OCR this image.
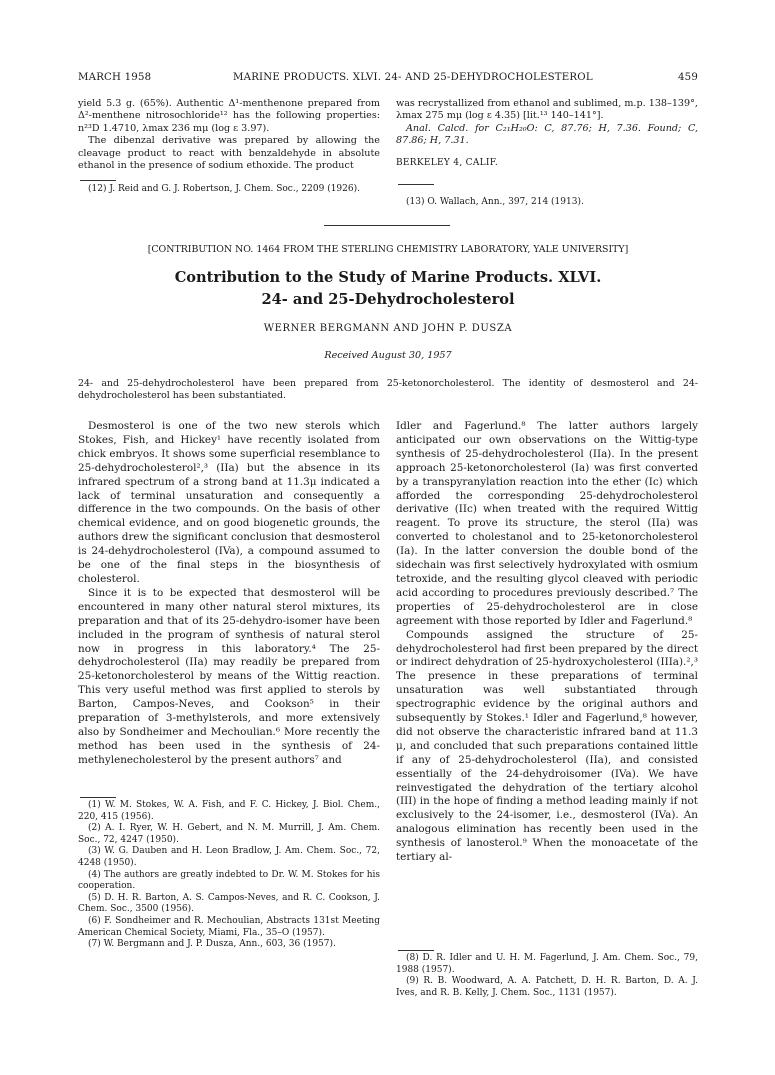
MARCH 1958	MARINE PRODUCTS. XLVI. 24- AND 25-DEHYDROCHOLESTEROL	459

yield 5.3 g. (65%). Authentic Δ¹-menthenone prepared from Δ²-menthene nitrosochloride¹² has the following properties: n²³D 1.4710, λmax 236 mμ (log ε 3.97).

The dibenzal derivative was prepared by allowing the cleavage product to react with benzaldehyde in absolute ethanol in the presence of sodium ethoxide. The product

(12) J. Reid and G. J. Robertson, J. Chem. Soc., 2209 (1926).

was recrystallized from ethanol and sublimed, m.p. 138–139°, λmax 275 mμ (log ε 4.35) [lit.¹³ 140–141°].

Anal. Calcd. for C₂₁H₂₀O: C, 87.76; H, 7.36. Found; C, 87.86; H, 7.31.

BERKELEY 4, CALIF.

(13) O. Wallach, Ann., 397, 214 (1913).

[CONTRIBUTION NO. 1464 FROM THE STERLING CHEMISTRY LABORATORY, YALE UNIVERSITY]
Contribution to the Study of Marine Products. XLVI.
24- and 25-Dehydrocholesterol
WERNER BERGMANN AND JOHN P. DUSZA
Received August 30, 1957
24- and 25-dehydrocholesterol have been prepared from 25-ketonorcholesterol. The identity of desmosterol and 24-dehydrocholesterol has been substantiated.

Desmosterol is one of the two new sterols which Stokes, Fish, and Hickey¹ have recently isolated from chick embryos. It shows some superficial resemblance to 25-dehydrocholesterol²,³ (IIa) but the absence in its infrared spectrum of a strong band at 11.3μ indicated a lack of terminal unsaturation and consequently a difference in the two compounds. On the basis of other chemical evidence, and on good biogenetic grounds, the authors drew the significant conclusion that desmosterol is 24-dehydrocholesterol (IVa), a compound assumed to be one of the final steps in the biosynthesis of cholesterol.

Since it is to be expected that desmosterol will be encountered in many other natural sterol mixtures, its preparation and that of its 25-dehydro-isomer have been included in the program of synthesis of natural sterol now in progress in this laboratory.⁴ The 25-dehydrocholesterol (IIa) may readily be prepared from 25-ketonorcholesterol by means of the Wittig reaction. This very useful method was first applied to sterols by Barton, Campos-Neves, and Cookson⁵ in their preparation of 3-methylsterols, and more extensively also by Sondheimer and Mechoulian.⁶ More recently the method has been used in the synthesis of 24-methylenecholesterol by the present authors⁷ and

(1) W. M. Stokes, W. A. Fish, and F. C. Hickey, J. Biol. Chem., 220, 415 (1956).

(2) A. I. Ryer, W. H. Gebert, and N. M. Murrill, J. Am. Chem. Soc., 72, 4247 (1950).

(3) W. G. Dauben and H. Leon Bradlow, J. Am. Chem. Soc., 72, 4248 (1950).

(4) The authors are greatly indebted to Dr. W. M. Stokes for his cooperation.

(5) D. H. R. Barton, A. S. Campos-Neves, and R. C. Cookson, J. Chem. Soc., 3500 (1956).

(6) F. Sondheimer and R. Mechoulian, Abstracts 131st Meeting American Chemical Society, Miami, Fla., 35–O (1957).

(7) W. Bergmann and J. P. Dusza, Ann., 603, 36 (1957).

Idler and Fagerlund.⁸ The latter authors largely anticipated our own observations on the Wittig-type synthesis of 25-dehydrocholesterol (IIa). In the present approach 25-ketonorcholesterol (Ia) was first converted by a transpyranylation reaction into the ether (Ic) which afforded the corresponding 25-dehydrocholesterol derivative (IIc) when treated with the required Wittig reagent. To prove its structure, the sterol (IIa) was converted to cholestanol and to 25-ketonorcholesterol (Ia). In the latter conversion the double bond of the sidechain was first selectively hydroxylated with osmium tetroxide, and the resulting glycol cleaved with periodic acid according to procedures previously described.⁷ The properties of 25-dehydrocholesterol are in close agreement with those reported by Idler and Fagerlund.⁸

Compounds assigned the structure of 25-dehydrocholesterol had first been prepared by the direct or indirect dehydration of 25-hydroxycholesterol (IIIa).²,³ The presence in these preparations of terminal unsaturation was well substantiated through spectrographic evidence by the original authors and subsequently by Stokes.¹ Idler and Fagerlund,⁸ however, did not observe the characteristic infrared band at 11.3 μ, and concluded that such preparations contained little if any of 25-dehydrocholesterol (IIa), and consisted essentially of the 24-dehydroisomer (IVa). We have reinvestigated the dehydration of the tertiary alcohol (III) in the hope of finding a method leading mainly if not exclusively to the 24-isomer, i.e., desmosterol (IVa). An analogous elimination has recently been used in the synthesis of lanosterol.⁹ When the monoacetate of the tertiary al-

(8) D. R. Idler and U. H. M. Fagerlund, J. Am. Chem. Soc., 79, 1988 (1957).

(9) R. B. Woodward, A. A. Patchett, D. H. R. Barton, D. A. J. Ives, and R. B. Kelly, J. Chem. Soc., 1131 (1957).
